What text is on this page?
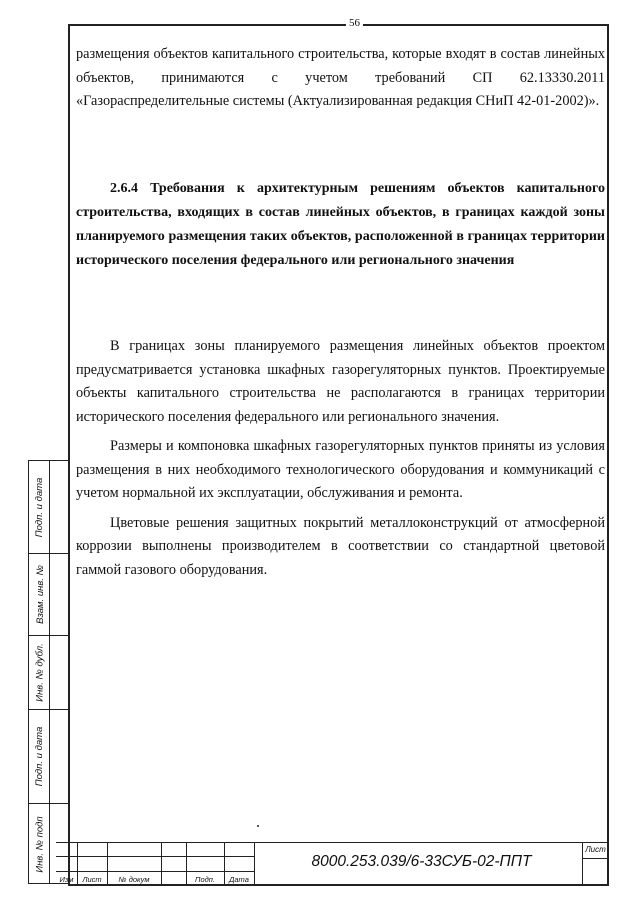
56

размещения объектов капитального строительства, которые входят в состав линейных объектов, принимаются с учетом требований СП 62.13330.2011 «Газораспределительные системы (Актуализированная редакция СНиП 42-01-2002)».

2.6.4 Требования к архитектурным решениям объектов капитального строительства, входящих в состав линейных объектов, в границах каждой зоны планируемого размещения таких объектов, расположенной в границах территории исторического поселения федерального или регионального значения

В границах зоны планируемого размещения линейных объектов проектом предусматривается установка шкафных газорегуляторных пунктов. Проектируемые объекты капитального строительства не располагаются в границах территории исторического поселения федерального или регионального значения.

Размеры и компоновка шкафных газорегуляторных пунктов приняты из условия размещения в них необходимого технологического оборудования и коммуникаций с учетом нормальной их эксплуатации, обслуживания и ремонта.

Цветовые решения защитных покрытий металлоконструкций от атмосферной коррозии выполнены производителем в соответствии со стандартной цветовой гаммой газового оборудования.

Подп. и дата
Взам. инв. №
Инв. № дубл.
Подп. и дата
Инв. № подп
Изм	Лист	№ докум	Подп.	Дата
8000.253.039/6-33СУБ-02-ППТ
Лист
